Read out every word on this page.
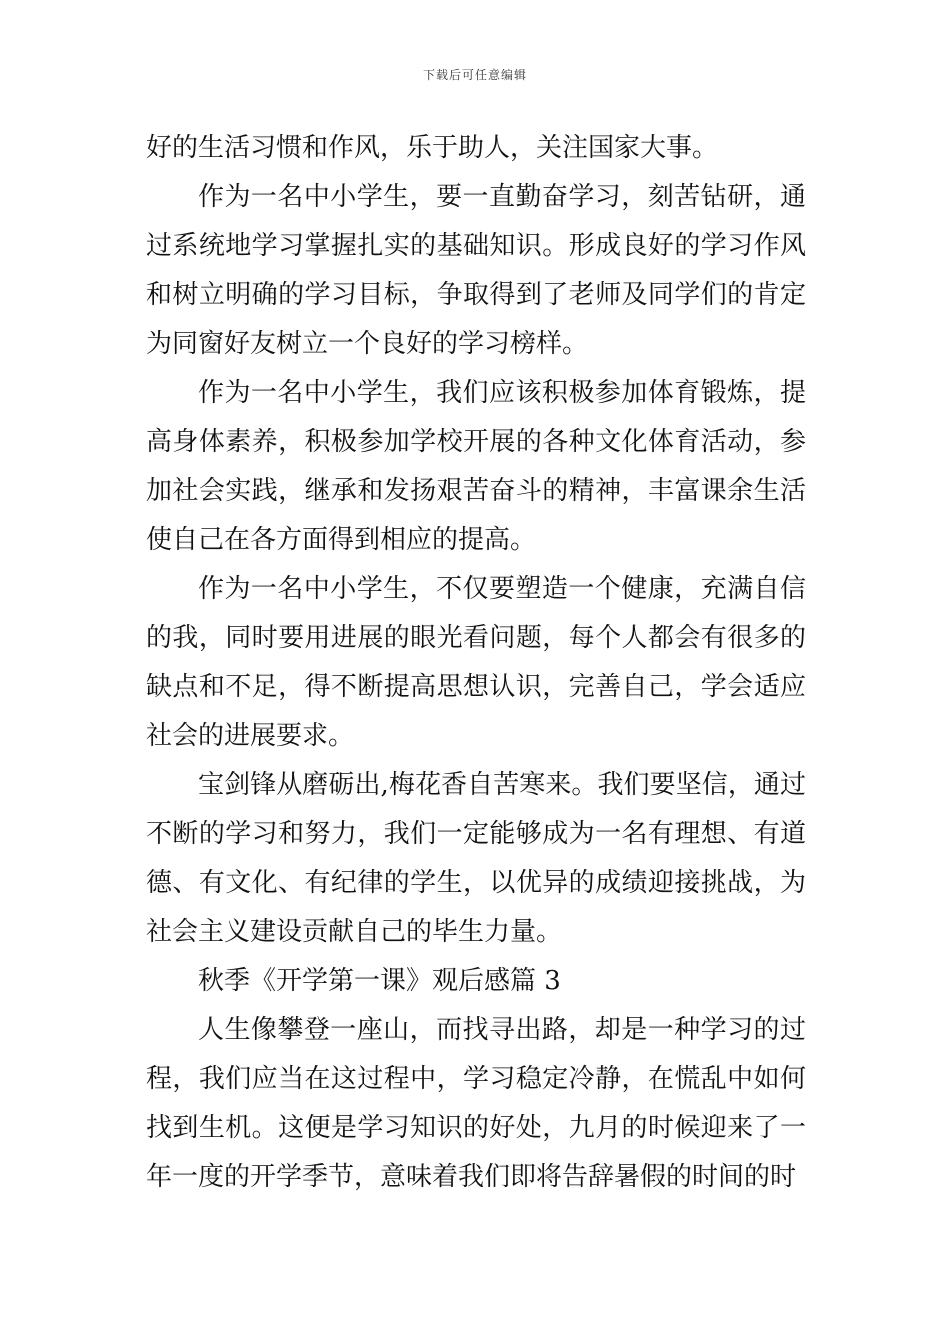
下载后可任意编辑

好的生活习惯和作风，乐于助人，关注国家大事。

作为一名中小学生，要一直勤奋学习，刻苦钻研，通过系统地学习掌握扎实的基础知识。形成良好的学习作风和树立明确的学习目标，争取得到了老师及同学们的肯定为同窗好友树立一个良好的学习榜样。

作为一名中小学生，我们应该积极参加体育锻炼，提高身体素养，积极参加学校开展的各种文化体育活动，参加社会实践，继承和发扬艰苦奋斗的精神，丰富课余生活使自己在各方面得到相应的提高。

作为一名中小学生，不仅要塑造一个健康，充满自信的我，同时要用进展的眼光看问题，每个人都会有很多的缺点和不足，得不断提高思想认识，完善自己，学会适应社会的进展要求。

宝剑锋从磨砺出,梅花香自苦寒来。我们要坚信，通过不断的学习和努力，我们一定能够成为一名有理想、有道德、有文化、有纪律的学生，以优异的成绩迎接挑战，为社会主义建设贡献自己的毕生力量。

秋季《开学第一课》观后感篇 3

人生像攀登一座山，而找寻出路，却是一种学习的过程，我们应当在这过程中，学习稳定冷静，在慌乱中如何找到生机。这便是学习知识的好处，九月的时候迎来了一年一度的开学季节，意味着我们即将告辞暑假的时间的时
